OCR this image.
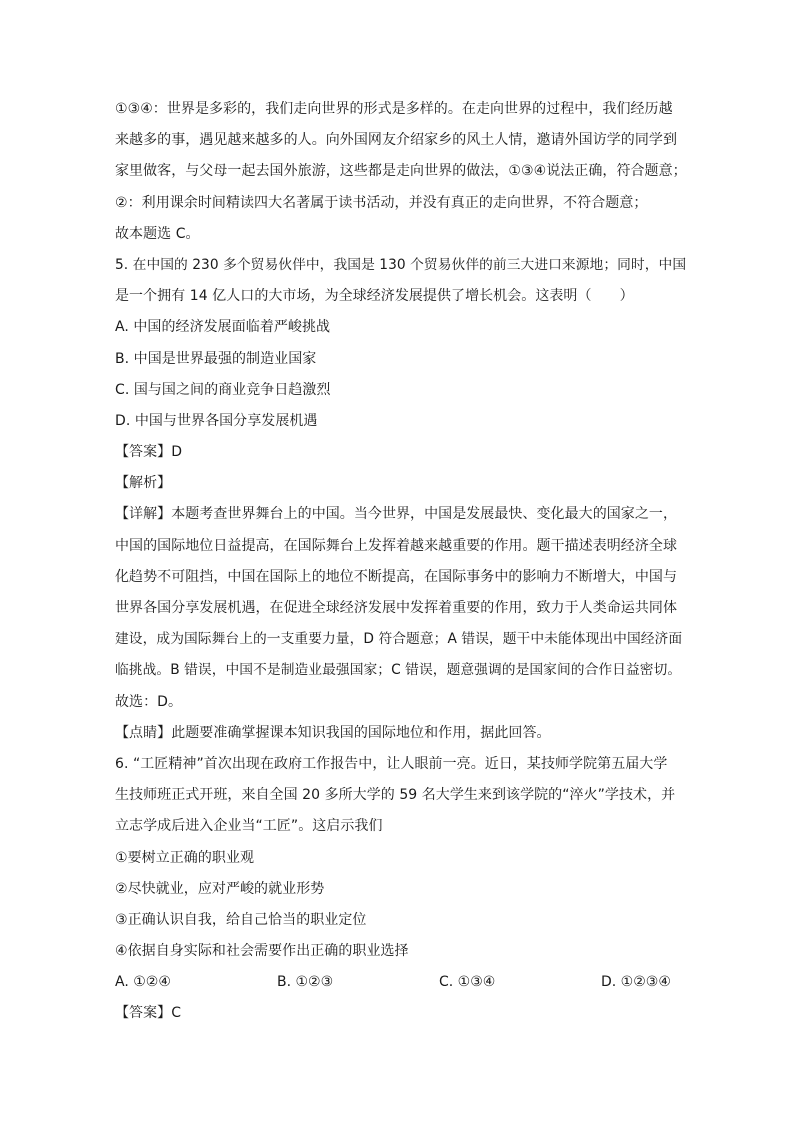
①③④：世界是多彩的，我们走向世界的形式是多样的。在走向世界的过程中，我们经历越
来越多的事，遇见越来越多的人。向外国网友介绍家乡的风土人情，邀请外国访学的同学到
家里做客，与父母一起去国外旅游，这些都是走向世界的做法，①③④说法正确，符合题意；
②：利用课余时间精读四大名著属于读书活动，并没有真正的走向世界，不符合题意；
故本题选 C。
5. 在中国的 230 多个贸易伙伴中，我国是 130 个贸易伙伴的前三大进口来源地；同时，中国
是一个拥有 14 亿人口的大市场，为全球经济发展提供了增长机会。这表明（　　）
A. 中国的经济发展面临着严峻挑战
B. 中国是世界最强的制造业国家
C. 国与国之间的商业竞争日趋激烈
D. 中国与世界各国分享发展机遇
【答案】D
【解析】
【详解】本题考查世界舞台上的中国。当今世界，中国是发展最快、变化最大的国家之一，
中国的国际地位日益提高，在国际舞台上发挥着越来越重要的作用。题干描述表明经济全球
化趋势不可阻挡，中国在国际上的地位不断提高，在国际事务中的影响力不断增大，中国与
世界各国分享发展机遇，在促进全球经济发展中发挥着重要的作用，致力于人类命运共同体
建设，成为国际舞台上的一支重要力量，D 符合题意；A 错误，题干中未能体现出中国经济面
临挑战。B 错误，中国不是制造业最强国家；C 错误，题意强调的是国家间的合作日益密切。
故选：D。
【点睛】此题要准确掌握课本知识我国的国际地位和作用，据此回答。
6. “工匠精神”首次出现在政府工作报告中，让人眼前一亮。近日，某技师学院第五届大学
生技师班正式开班，来自全国 20 多所大学的 59 名大学生来到该学院的“淬火”学技术，并
立志学成后进入企业当“工匠”。这启示我们
①要树立正确的职业观
②尽快就业，应对严峻的就业形势
③正确认识自我，给自己恰当的职业定位
④依据自身实际和社会需要作出正确的职业选择
A. ①②④	B. ①②③	C. ①③④	D. ①②③④
【答案】C
